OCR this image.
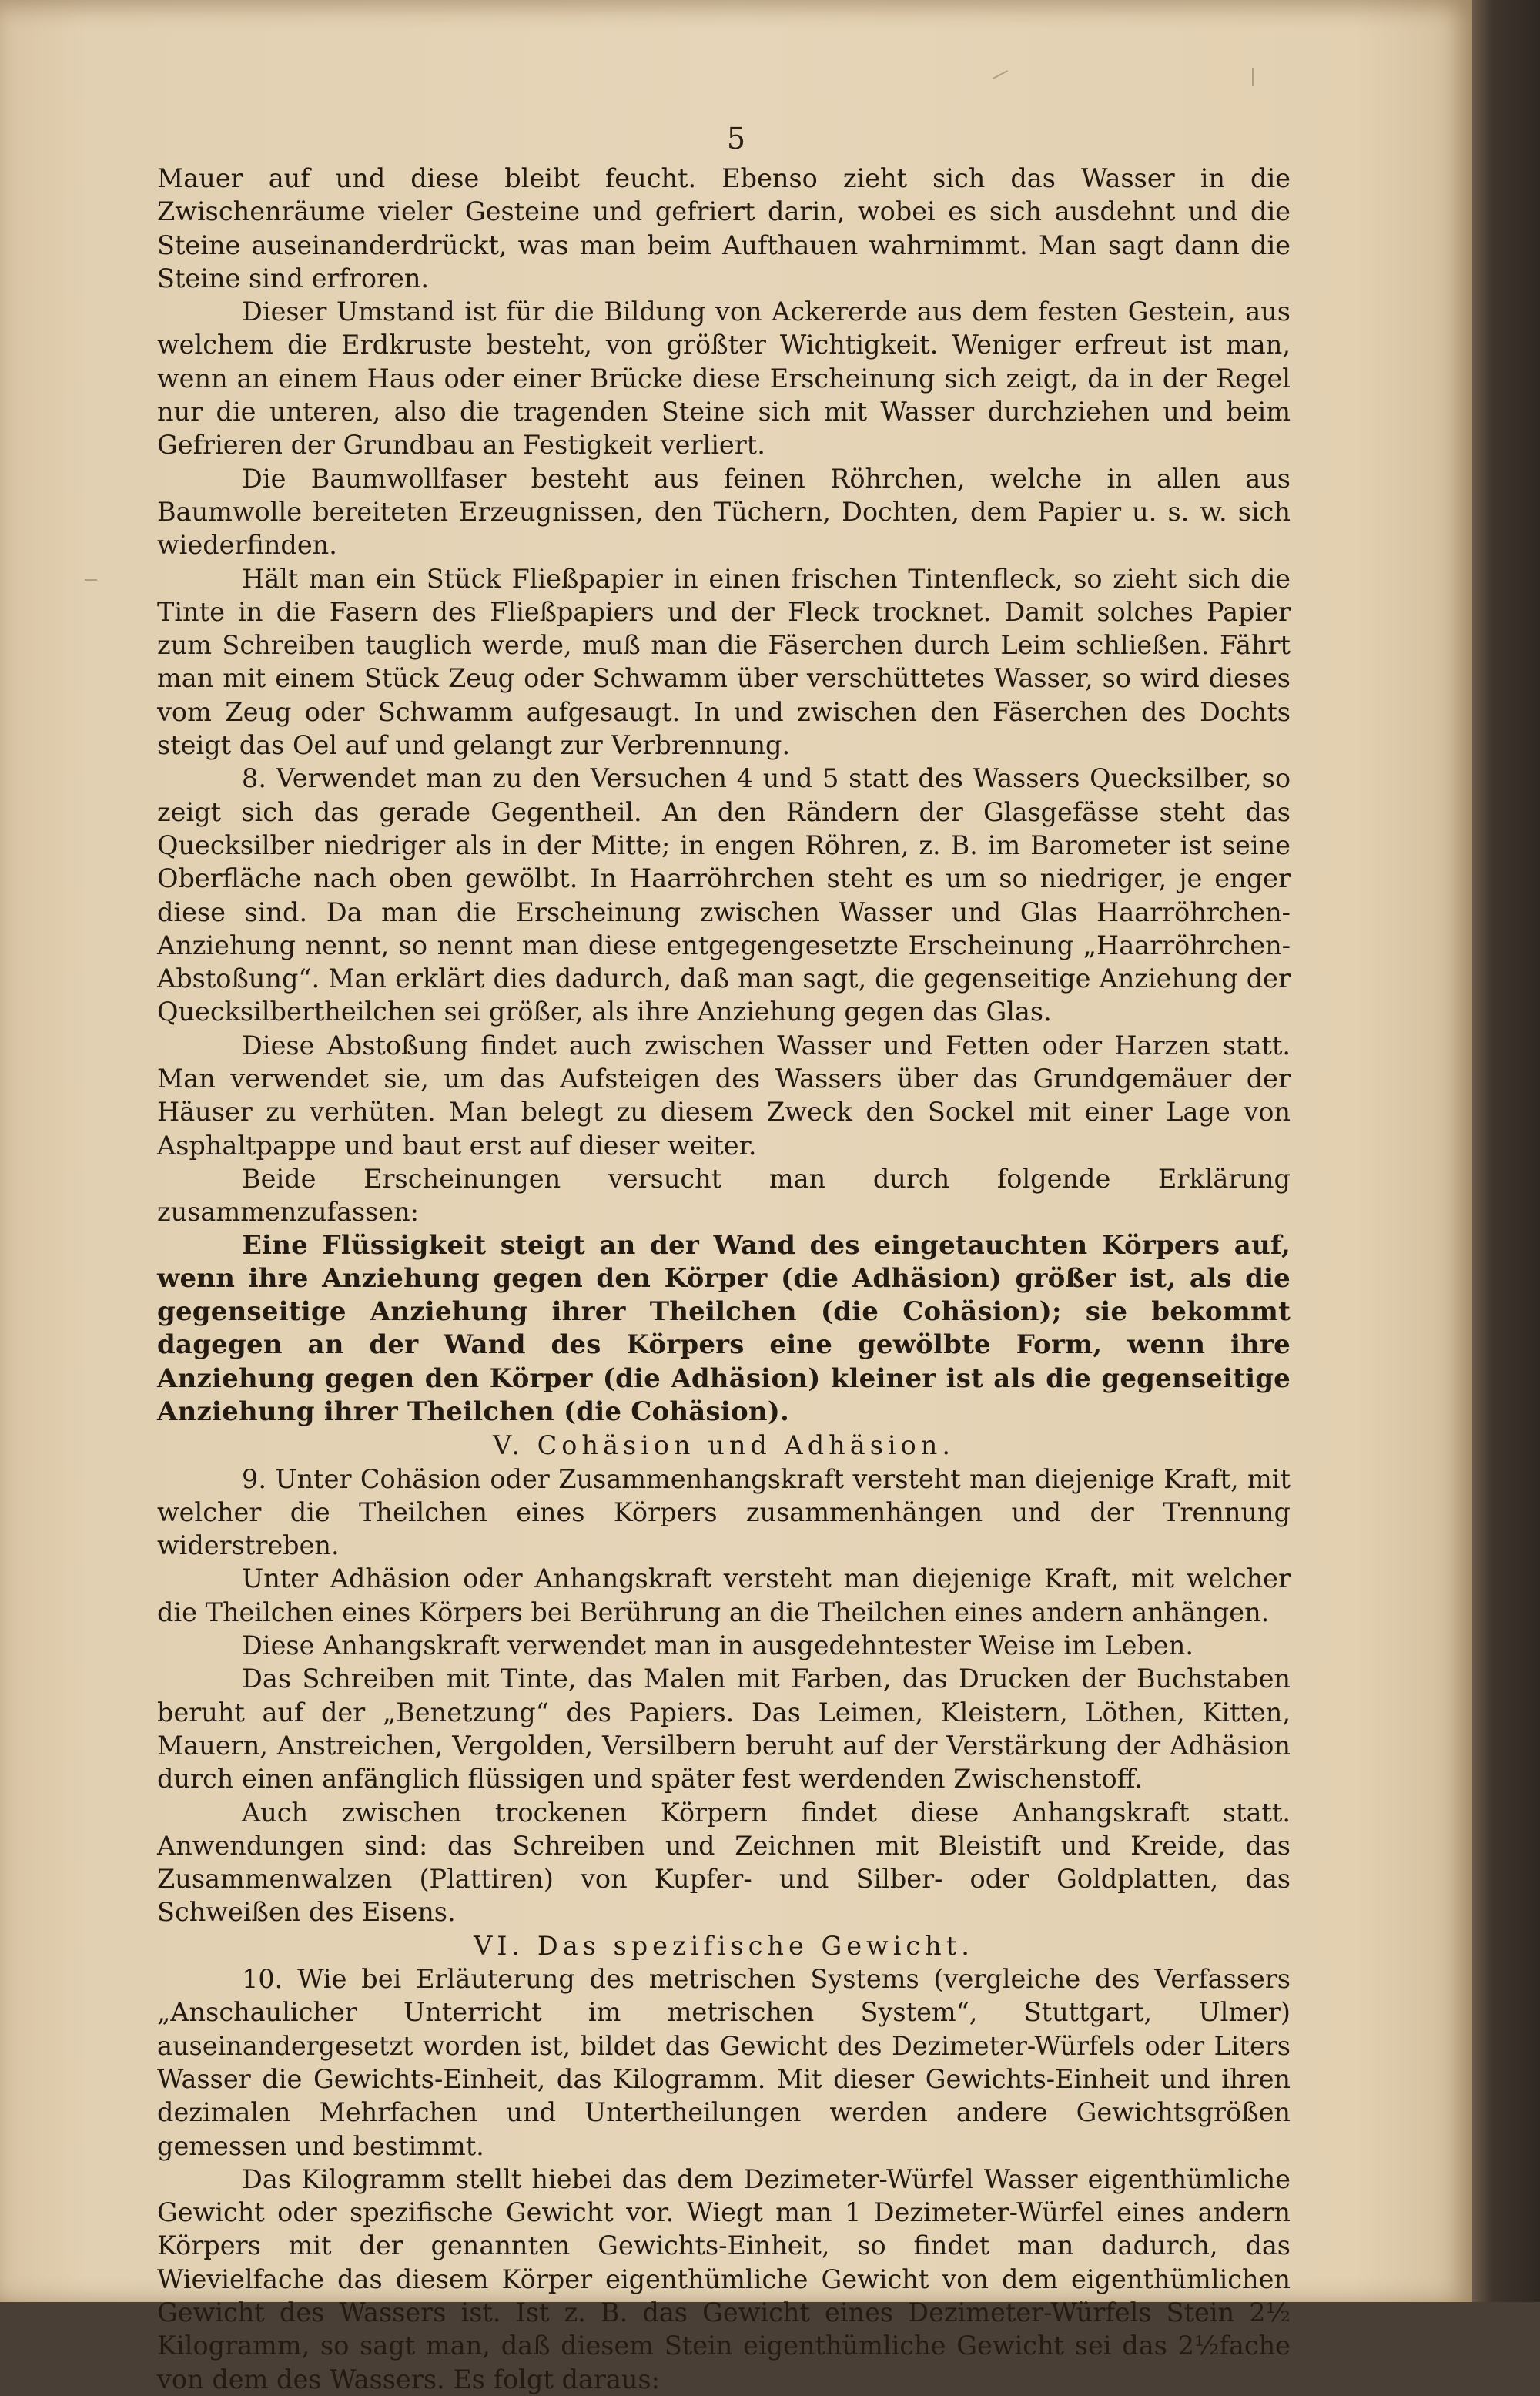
5

Mauer auf und diese bleibt feucht. Ebenso zieht sich das Wasser in die Zwischenräume vieler Gesteine und gefriert darin, wobei es sich ausdehnt und die Steine auseinanderdrückt, was man beim Aufthauen wahrnimmt. Man sagt dann die Steine sind erfroren.

Dieser Umstand ist für die Bildung von Ackererde aus dem festen Gestein, aus welchem die Erdkruste besteht, von größter Wichtigkeit. Weniger erfreut ist man, wenn an einem Haus oder einer Brücke diese Erscheinung sich zeigt, da in der Regel nur die unteren, also die tragenden Steine sich mit Wasser durchziehen und beim Gefrieren der Grundbau an Festigkeit verliert.

Die Baumwollfaser besteht aus feinen Röhrchen, welche in allen aus Baumwolle bereiteten Erzeugnissen, den Tüchern, Dochten, dem Papier u. s. w. sich wiederfinden.

Hält man ein Stück Fließpapier in einen frischen Tintenfleck, so zieht sich die Tinte in die Fasern des Fließpapiers und der Fleck trocknet. Damit solches Papier zum Schreiben tauglich werde, muß man die Fäserchen durch Leim schließen. Fährt man mit einem Stück Zeug oder Schwamm über verschüttetes Wasser, so wird dieses vom Zeug oder Schwamm aufgesaugt. In und zwischen den Fäserchen des Dochts steigt das Oel auf und gelangt zur Verbrennung.

8. Verwendet man zu den Versuchen 4 und 5 statt des Wassers Quecksilber, so zeigt sich das gerade Gegentheil. An den Rändern der Glasgefässe steht das Quecksilber niedriger als in der Mitte; in engen Röhren, z. B. im Barometer ist seine Oberfläche nach oben gewölbt. In Haarröhrchen steht es um so niedriger, je enger diese sind. Da man die Erscheinung zwischen Wasser und Glas Haarröhrchen-Anziehung nennt, so nennt man diese entgegengesetzte Erscheinung „Haarröhrchen-Abstoßung“. Man erklärt dies dadurch, daß man sagt, die gegenseitige Anziehung der Quecksilbertheilchen sei größer, als ihre Anziehung gegen das Glas.

Diese Abstoßung findet auch zwischen Wasser und Fetten oder Harzen statt. Man verwendet sie, um das Aufsteigen des Wassers über das Grundgemäuer der Häuser zu verhüten. Man belegt zu diesem Zweck den Sockel mit einer Lage von Asphaltpappe und baut erst auf dieser weiter.

Beide Erscheinungen versucht man durch folgende Erklärung zusammenzufassen:

Eine Flüssigkeit steigt an der Wand des eingetauchten Körpers auf, wenn ihre Anziehung gegen den Körper (die Adhäsion) größer ist, als die gegenseitige Anziehung ihrer Theilchen (die Cohäsion); sie bekommt dagegen an der Wand des Körpers eine gewölbte Form, wenn ihre Anziehung gegen den Körper (die Adhäsion) kleiner ist als die gegenseitige Anziehung ihrer Theilchen (die Cohäsion).

V. Cohäsion und Adhäsion.

9. Unter Cohäsion oder Zusammenhangskraft versteht man diejenige Kraft, mit welcher die Theilchen eines Körpers zusammenhängen und der Trennung widerstreben.

Unter Adhäsion oder Anhangskraft versteht man diejenige Kraft, mit welcher die Theilchen eines Körpers bei Berührung an die Theilchen eines andern anhängen.

Diese Anhangskraft verwendet man in ausgedehntester Weise im Leben.

Das Schreiben mit Tinte, das Malen mit Farben, das Drucken der Buchstaben beruht auf der „Benetzung“ des Papiers. Das Leimen, Kleistern, Löthen, Kitten, Mauern, Anstreichen, Vergolden, Versilbern beruht auf der Verstärkung der Adhäsion durch einen anfänglich flüssigen und später fest werdenden Zwischenstoff.

Auch zwischen trockenen Körpern findet diese Anhangskraft statt. Anwendungen sind: das Schreiben und Zeichnen mit Bleistift und Kreide, das Zusammenwalzen (Plattiren) von Kupfer- und Silber- oder Goldplatten, das Schweißen des Eisens.

VI. Das spezifische Gewicht.

10. Wie bei Erläuterung des metrischen Systems (vergleiche des Verfassers „Anschaulicher Unterricht im metrischen System“, Stuttgart, Ulmer) auseinandergesetzt worden ist, bildet das Gewicht des Dezimeter-Würfels oder Liters Wasser die Gewichts-Einheit, das Kilogramm. Mit dieser Gewichts-Einheit und ihren dezimalen Mehrfachen und Untertheilungen werden andere Gewichtsgrößen gemessen und bestimmt.

Das Kilogramm stellt hiebei das dem Dezimeter-Würfel Wasser eigenthümliche Gewicht oder spezifische Gewicht vor. Wiegt man 1 Dezimeter-Würfel eines andern Körpers mit der genannten Gewichts-Einheit, so findet man dadurch, das Wievielfache das diesem Körper eigenthümliche Gewicht von dem eigenthümlichen Gewicht des Wassers ist. Ist z. B. das Gewicht eines Dezimeter-Würfels Stein 2½ Kilogramm, so sagt man, daß diesem Stein eigenthümliche Gewicht sei das 2½fache von dem des Wassers. Es folgt daraus:
